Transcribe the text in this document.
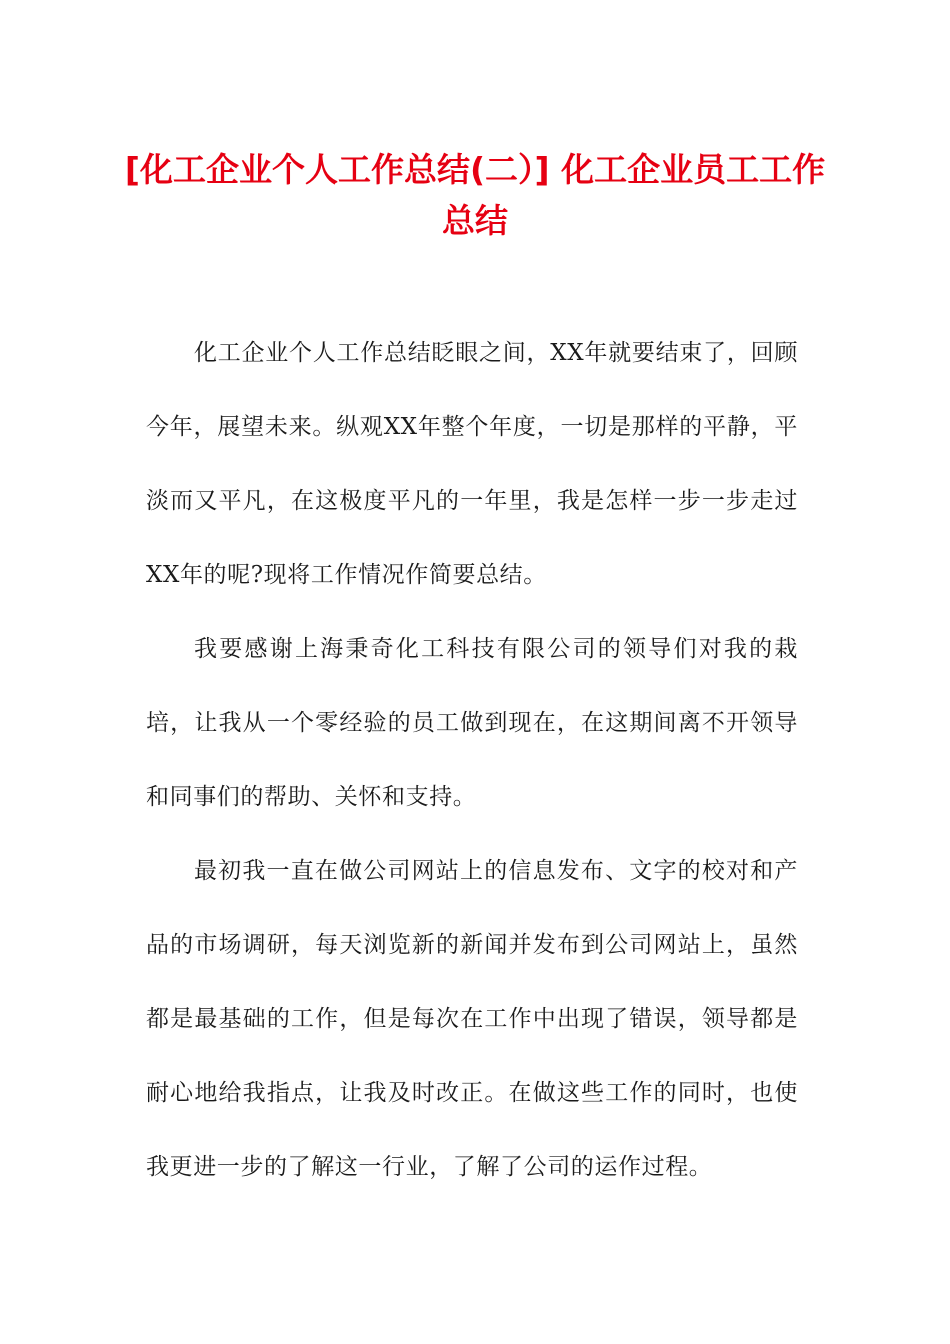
[化工企业个人工作总结(二）] 化工企业员工工作总结

化工企业个人工作总结眨眼之间，XX年就要结束了，回顾今年，展望未来。纵观XX年整个年度，一切是那样的平静，平淡而又平凡，在这极度平凡的一年里，我是怎样一步一步走过XX年的呢?现将工作情况作简要总结。

我要感谢上海秉奇化工科技有限公司的领导们对我的栽培，让我从一个零经验的员工做到现在，在这期间离不开领导和同事们的帮助、关怀和支持。

最初我一直在做公司网站上的信息发布、文字的校对和产品的市场调研，每天浏览新的新闻并发布到公司网站上，虽然都是最基础的工作，但是每次在工作中出现了错误，领导都是耐心地给我指点，让我及时改正。在做这些工作的同时，也使我更进一步的了解这一行业，了解了公司的运作过程。
